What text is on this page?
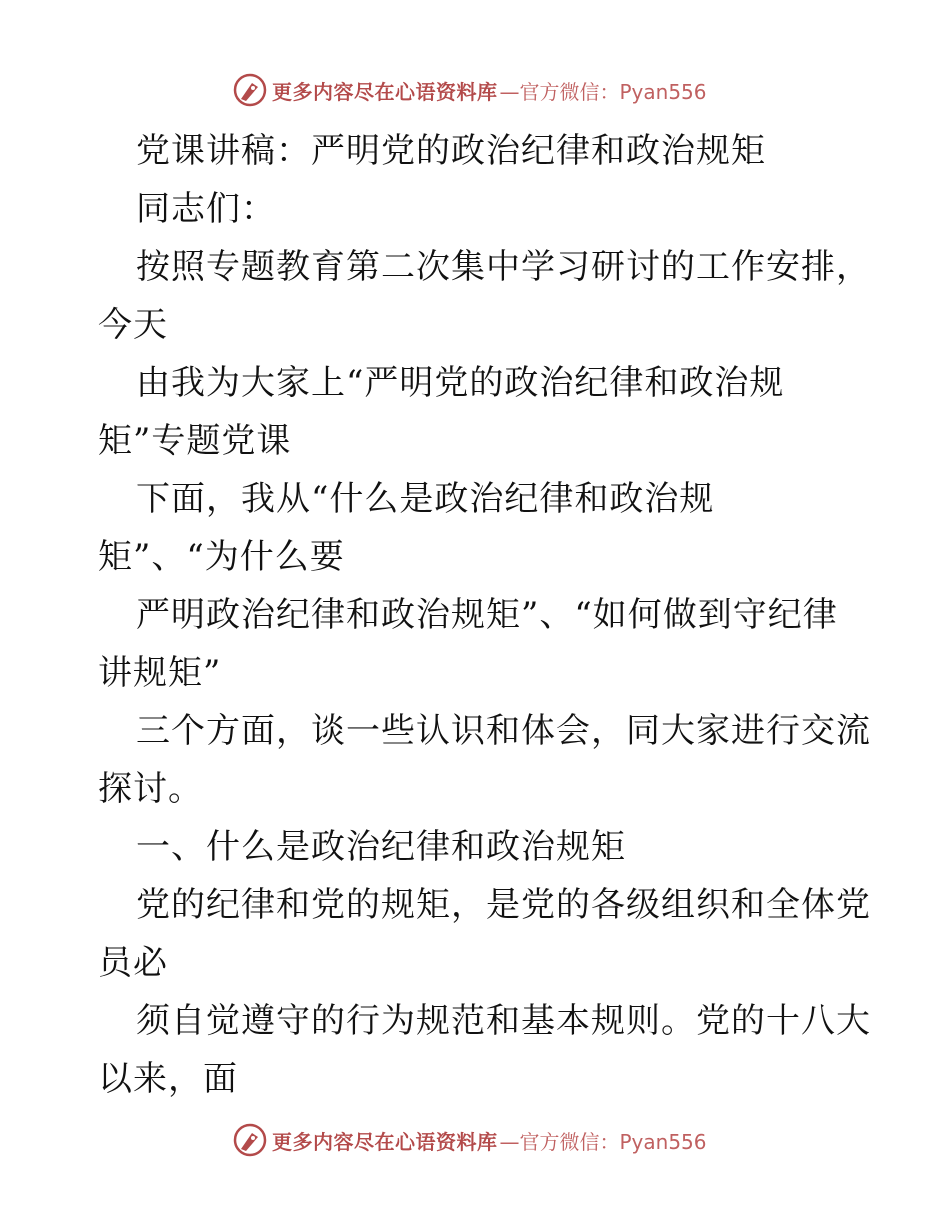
更多内容尽在心语资料库 —官方微信：Pyan556
党课讲稿：严明党的政治纪律和政治规矩
同志们：
按照专题教育第二次集中学习研讨的工作安排，
今天
由我为大家上“严明党的政治纪律和政治规
矩”专题党课
下面，我从“什么是政治纪律和政治规
矩”、“为什么要
严明政治纪律和政治规矩”、“如何做到守纪律
讲规矩”
三个方面，谈一些认识和体会，同大家进行交流
探讨。
一、什么是政治纪律和政治规矩
党的纪律和党的规矩，是党的各级组织和全体党
员必
须自觉遵守的行为规范和基本规则。党的十八大
以来，面
更多内容尽在心语资料库 —官方微信：Pyan556
